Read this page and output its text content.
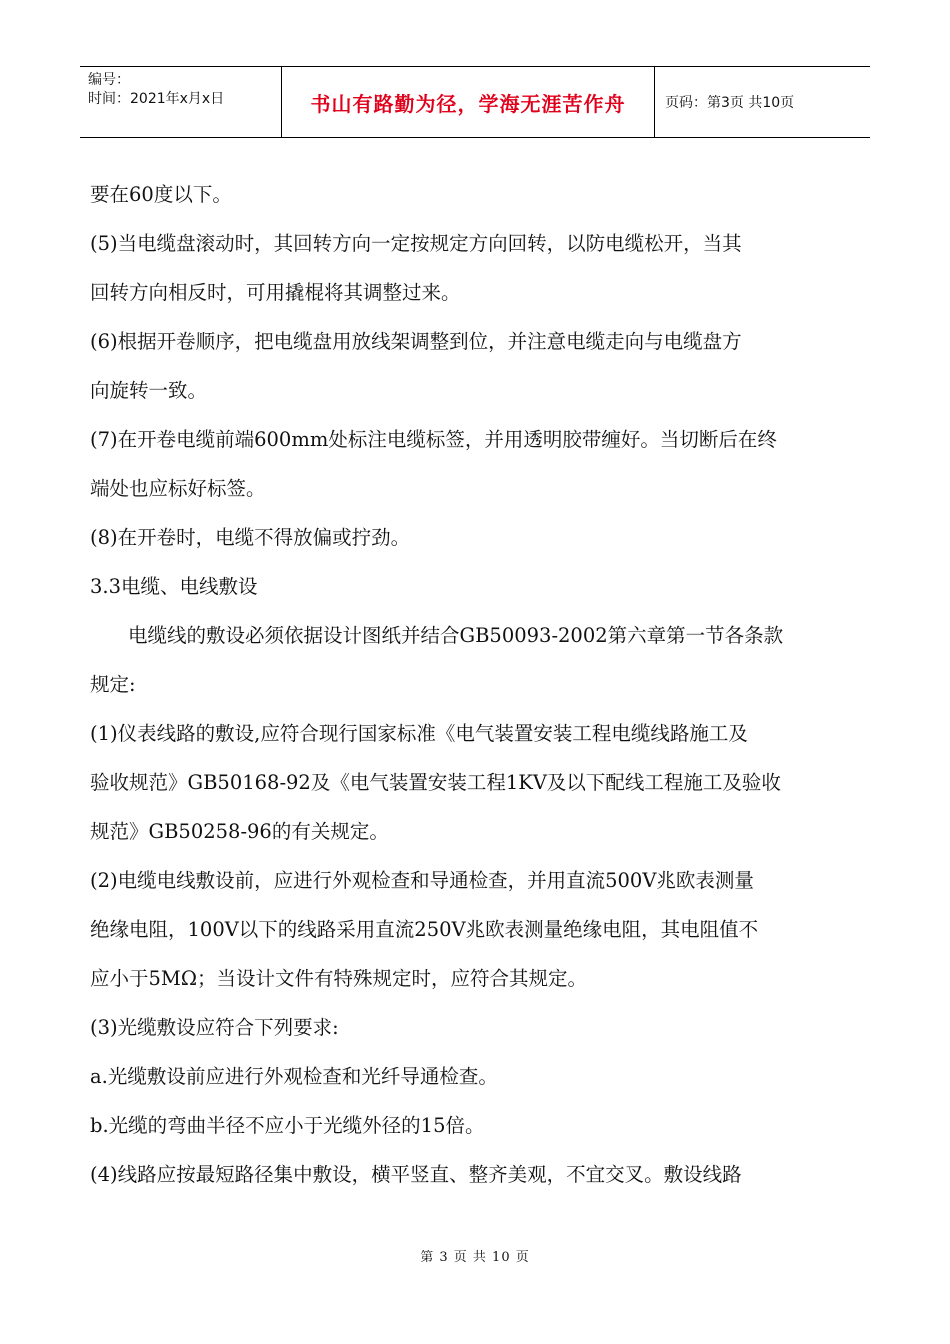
编号：
时间：2021年x月x日	书山有路勤为径，学海无涯苦作舟	页码：第3页 共10页

要在60度以下。

(5)当电缆盘滚动时，其回转方向一定按规定方向回转，以防电缆松开，当其

回转方向相反时，可用撬棍将其调整过来。

(6)根据开卷顺序，把电缆盘用放线架调整到位，并注意电缆走向与电缆盘方

向旋转一致。

(7)在开卷电缆前端600mm处标注电缆标签，并用透明胶带缠好。当切断后在终

端处也应标好标签。

(8)在开卷时，电缆不得放偏或拧劲。

3.3电缆、电线敷设

电缆线的敷设必须依据设计图纸并结合GB50093-2002第六章第一节各条款

规定:

(1)仪表线路的敷设,应符合现行国家标准《电气装置安装工程电缆线路施工及

验收规范》GB50168-92及《电气装置安装工程1KV及以下配线工程施工及验收

规范》GB50258-96的有关规定。

(2)电缆电线敷设前，应进行外观检查和导通检查，并用直流500V兆欧表测量

绝缘电阻，100V以下的线路采用直流250V兆欧表测量绝缘电阻，其电阻值不

应小于5MΩ；当设计文件有特殊规定时，应符合其规定。

(3)光缆敷设应符合下列要求:

a.光缆敷设前应进行外观检查和光纤导通检查。

b.光缆的弯曲半径不应小于光缆外径的15倍。

(4)线路应按最短路径集中敷设，横平竖直、整齐美观，不宜交叉。敷设线路

第 3 页 共 10 页
